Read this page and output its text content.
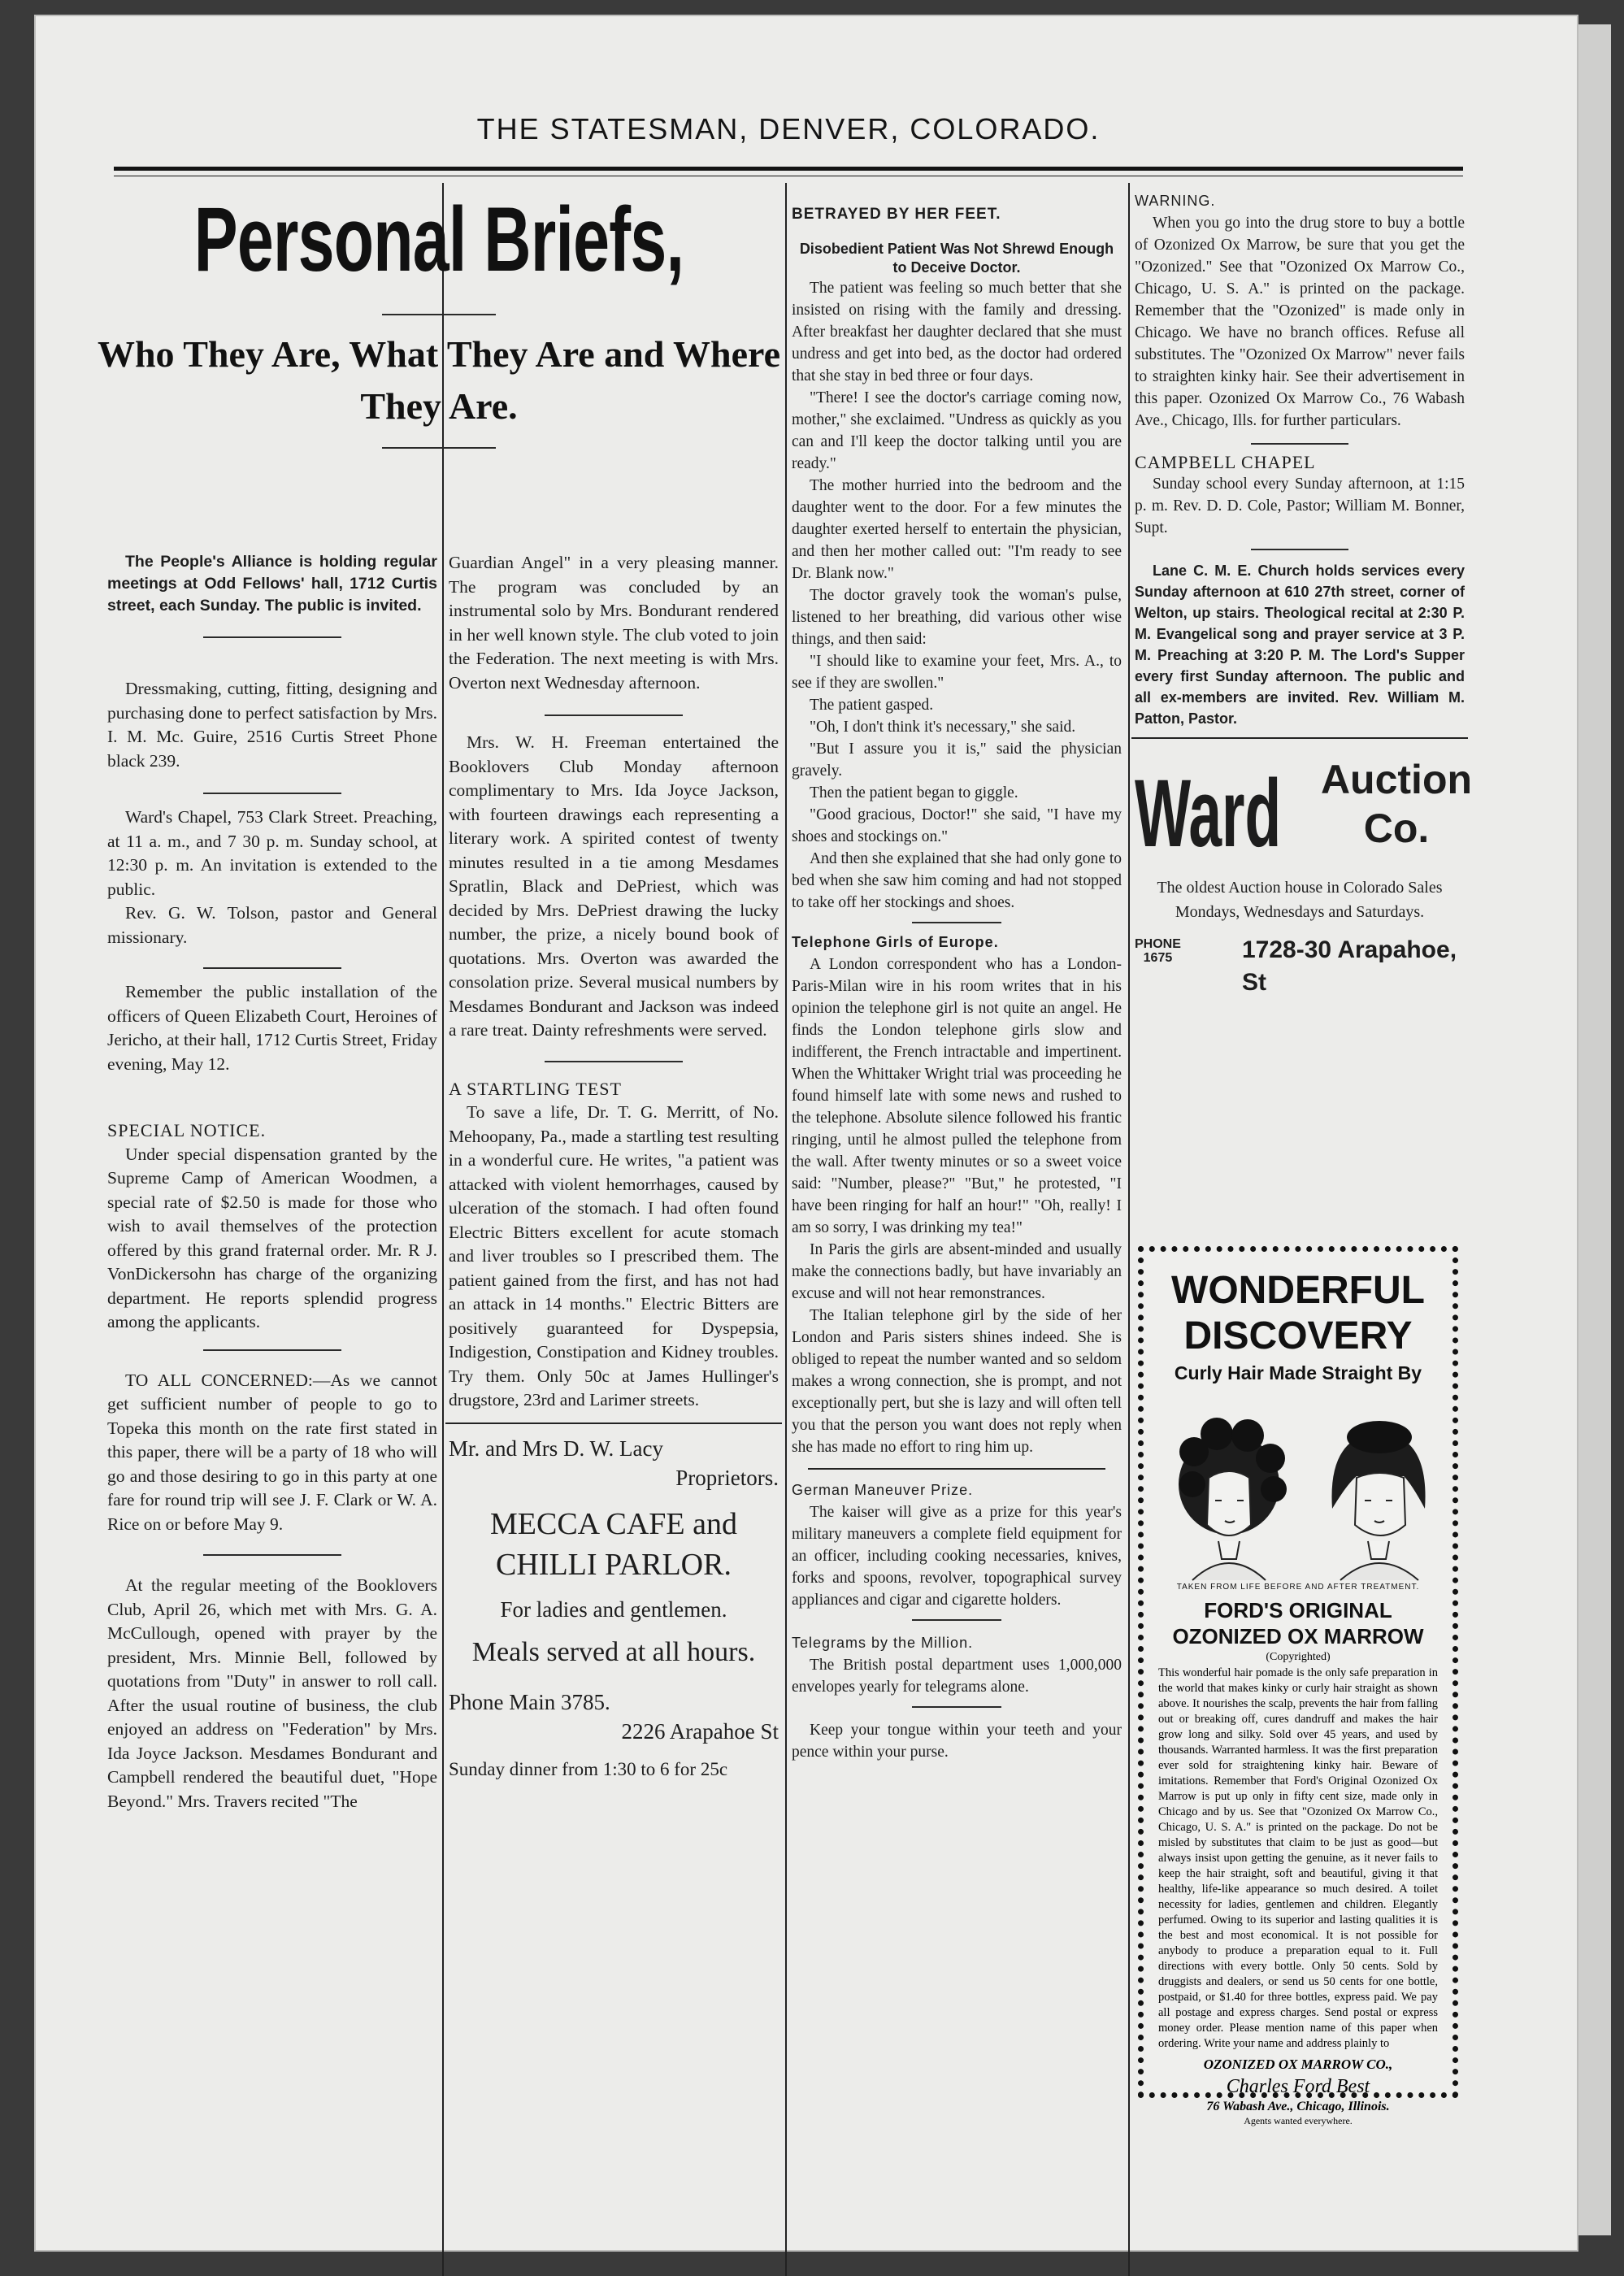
THE STATESMAN, DENVER, COLORADO.
Personal Briefs,
Who They Are, What They Are and Where They Are.

The People's Alliance is holding regular meetings at Odd Fellows' hall, 1712 Curtis street, each Sunday. The public is invited.

Dressmaking, cutting, fitting, designing and purchasing done to perfect satisfaction by Mrs. I. M. Mc. Guire, 2516 Curtis Street Phone black 239.

Ward's Chapel, 753 Clark Street. Preaching, at 11 a. m., and 7 30 p. m. Sunday school, at 12:30 p. m. An invitation is extended to the public.

Rev. G. W. Tolson, pastor and General missionary.

Remember the public installation of the officers of Queen Elizabeth Court, Heroines of Jericho, at their hall, 1712 Curtis Street, Friday evening, May 12.

SPECIAL NOTICE.

Under special dispensation granted by the Supreme Camp of American Woodmen, a special rate of $2.50 is made for those who wish to avail themselves of the protection offered by this grand fraternal order. Mr. R J. VonDickersohn has charge of the organizing department. He reports splendid progress among the applicants.

TO ALL CONCERNED:—As we cannot get sufficient number of people to go to Topeka this month on the rate first stated in this paper, there will be a party of 18 who will go and those desiring to go in this party at one fare for round trip will see J. F. Clark or W. A. Rice on or before May 9.

At the regular meeting of the Booklovers Club, April 26, which met with Mrs. G. A. McCullough, opened with prayer by the president, Mrs. Minnie Bell, followed by quotations from "Duty" in answer to roll call. After the usual routine of business, the club enjoyed an address on "Federation" by Mrs. Ida Joyce Jackson. Mesdames Bondurant and Campbell rendered the beautiful duet, "Hope Beyond." Mrs. Travers recited "The

Guardian Angel" in a very pleasing manner. The program was concluded by an instrumental solo by Mrs. Bondurant rendered in her well known style. The club voted to join the Federation. The next meeting is with Mrs. Overton next Wednesday afternoon.

Mrs. W. H. Freeman entertained the Booklovers Club Monday afternoon complimentary to Mrs. Ida Joyce Jackson, with fourteen drawings each representing a literary work. A spirited contest of twenty minutes resulted in a tie among Mesdames Spratlin, Black and DePriest, which was decided by Mrs. DePriest drawing the lucky number, the prize, a nicely bound book of quotations. Mrs. Overton was awarded the consolation prize. Several musical numbers by Mesdames Bondurant and Jackson was indeed a rare treat. Dainty refreshments were served.

A STARTLING TEST

To save a life, Dr. T. G. Merritt, of No. Mehoopany, Pa., made a startling test resulting in a wonderful cure. He writes, "a patient was attacked with violent hemorrhages, caused by ulceration of the stomach. I had often found Electric Bitters excellent for acute stomach and liver troubles so I prescribed them. The patient gained from the first, and has not had an attack in 14 months." Electric Bitters are positively guaranteed for Dyspepsia, Indigestion, Constipation and Kidney troubles. Try them. Only 50c at James Hullinger's drugstore, 23rd and Larimer streets.

Mr. and Mrs D. W. Lacy
Proprietors.
MECCA CAFE and CHILLI PARLOR.
For ladies and gentlemen.
Meals served at all hours.
Phone Main 3785.
2226 Arapahoe St
Sunday dinner from 1:30 to 6 for 25c

BETRAYED BY HER FEET.

Disobedient Patient Was Not Shrewd Enough to Deceive Doctor.

The patient was feeling so much better that she insisted on rising with the family and dressing. After breakfast her daughter declared that she must undress and get into bed, as the doctor had ordered that she stay in bed three or four days.

"There! I see the doctor's carriage coming now, mother," she exclaimed. "Undress as quickly as you can and I'll keep the doctor talking until you are ready."

The mother hurried into the bedroom and the daughter went to the door. For a few minutes the daughter exerted herself to entertain the physician, and then her mother called out: "I'm ready to see Dr. Blank now."

The doctor gravely took the woman's pulse, listened to her breathing, did various other wise things, and then said:

"I should like to examine your feet, Mrs. A., to see if they are swollen."

The patient gasped.

"Oh, I don't think it's necessary," she said.

"But I assure you it is," said the physician gravely.

Then the patient began to giggle.

"Good gracious, Doctor!" she said, "I have my shoes and stockings on."

And then she explained that she had only gone to bed when she saw him coming and had not stopped to take off her stockings and shoes.

Telephone Girls of Europe.

A London correspondent who has a London-Paris-Milan wire in his room writes that in his opinion the telephone girl is not quite an angel. He finds the London telephone girls slow and indifferent, the French intractable and impertinent. When the Whittaker Wright trial was proceeding he found himself late with some news and rushed to the telephone. Absolute silence followed his frantic ringing, until he almost pulled the telephone from the wall. After twenty minutes or so a sweet voice said: "Number, please?" "But," he protested, "I have been ringing for half an hour!" "Oh, really! I am so sorry, I was drinking my tea!"

In Paris the girls are absent-minded and usually make the connections badly, but have invariably an excuse and will not hear remonstrances.

The Italian telephone girl by the side of her London and Paris sisters shines indeed. She is obliged to repeat the number wanted and so seldom makes a wrong connection, she is prompt, and not exceptionally pert, but she is lazy and will often tell you that the person you want does not reply when she has made no effort to ring him up.

German Maneuver Prize.

The kaiser will give as a prize for this year's military maneuvers a complete field equipment for an officer, including cooking necessaries, knives, forks and spoons, revolver, topographical survey appliances and cigar and cigarette holders.

Telegrams by the Million.

The British postal department uses 1,000,000 envelopes yearly for telegrams alone.

Keep your tongue within your teeth and your pence within your purse.

WARNING.

When you go into the drug store to buy a bottle of Ozonized Ox Marrow, be sure that you get the "Ozonized." See that "Ozonized Ox Marrow Co., Chicago, U. S. A." is printed on the package. Remember that the "Ozonized" is made only in Chicago. We have no branch offices. Refuse all substitutes. The "Ozonized Ox Marrow" never fails to straighten kinky hair. See their advertisement in this paper. Ozonized Ox Marrow Co., 76 Wabash Ave., Chicago, Ills. for further particulars.

CAMPBELL CHAPEL

Sunday school every Sunday afternoon, at 1:15 p. m. Rev. D. D. Cole, Pastor; William M. Bonner, Supt.

Lane C. M. E. Church holds services every Sunday afternoon at 610 27th street, corner of Welton, up stairs. Theological recital at 2:30 P. M. Evangelical song and prayer service at 3 P. M. Preaching at 3:20 P. M. The Lord's Supper every first Sunday afternoon. The public and all ex-members are invited. Rev. William M. Patton, Pastor.

Ward Auction
Co.

The oldest Auction house in Colorado Sales Mondays, Wednesdays and Saturdays.

PHONE
1675	1728-30 Arapahoe, St
WONDERFUL
DISCOVERY
Curly Hair Made Straight By
TAKEN FROM LIFE BEFORE AND AFTER TREATMENT.
FORD'S ORIGINAL
OZONIZED OX MARROW
(Copyrighted)

This wonderful hair pomade is the only safe preparation in the world that makes kinky or curly hair straight as shown above. It nourishes the scalp, prevents the hair from falling out or breaking off, cures dandruff and makes the hair grow long and silky. Sold over 45 years, and used by thousands. Warranted harmless. It was the first preparation ever sold for straightening kinky hair. Beware of imitations. Remember that Ford's Original Ozonized Ox Marrow is put up only in fifty cent size, made only in Chicago and by us. See that "Ozonized Ox Marrow Co., Chicago, U. S. A." is printed on the package. Do not be misled by substitutes that claim to be just as good—but always insist upon getting the genuine, as it never fails to keep the hair straight, soft and beautiful, giving it that healthy, life-like appearance so much desired. A toilet necessity for ladies, gentlemen and children. Elegantly perfumed. Owing to its superior and lasting qualities it is the best and most economical. It is not possible for anybody to produce a preparation equal to it. Full directions with every bottle. Only 50 cents. Sold by druggists and dealers, or send us 50 cents for one bottle, postpaid, or $1.40 for three bottles, express paid. We pay all postage and express charges. Send postal or express money order. Please mention name of this paper when ordering. Write your name and address plainly to

OZONIZED OX MARROW CO.,
Charles Ford Best
76 Wabash Ave., Chicago, Illinois.
Agents wanted everywhere.
